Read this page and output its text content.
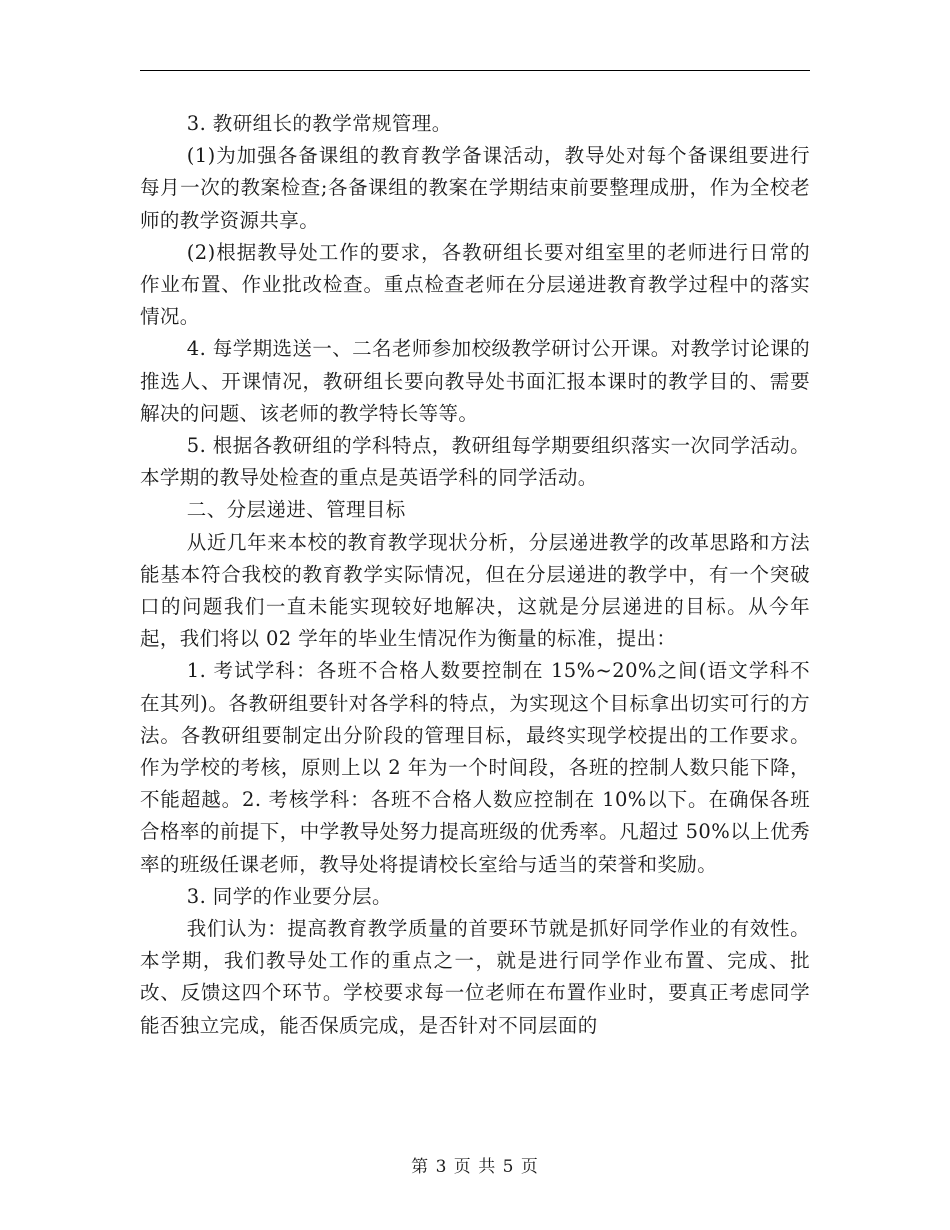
3. 教研组长的教学常规管理。

(1)为加强各备课组的教育教学备课活动，教导处对每个备课组要进行每月一次的教案检查;各备课组的教案在学期结束前要整理成册，作为全校老师的教学资源共享。

(2)根据教导处工作的要求，各教研组长要对组室里的老师进行日常的作业布置、作业批改检查。重点检查老师在分层递进教育教学过程中的落实情况。

4. 每学期选送一、二名老师参加校级教学研讨公开课。对教学讨论课的推选人、开课情况，教研组长要向教导处书面汇报本课时的教学目的、需要解决的问题、该老师的教学特长等等。

5. 根据各教研组的学科特点，教研组每学期要组织落实一次同学活动。本学期的教导处检查的重点是英语学科的同学活动。

二、分层递进、管理目标

从近几年来本校的教育教学现状分析，分层递进教学的改革思路和方法能基本符合我校的教育教学实际情况，但在分层递进的教学中，有一个突破口的问题我们一直未能实现较好地解决，这就是分层递进的目标。从今年起，我们将以 02 学年的毕业生情况作为衡量的标准，提出：

1. 考试学科：各班不合格人数要控制在 15%~20%之间(语文学科不在其列)。各教研组要针对各学科的特点，为实现这个目标拿出切实可行的方法。各教研组要制定出分阶段的管理目标，最终实现学校提出的工作要求。作为学校的考核，原则上以 2 年为一个时间段，各班的控制人数只能下降，不能超越。2. 考核学科：各班不合格人数应控制在 10%以下。在确保各班合格率的前提下，中学教导处努力提高班级的优秀率。凡超过 50%以上优秀率的班级任课老师，教导处将提请校长室给与适当的荣誉和奖励。

3. 同学的作业要分层。

我们认为：提高教育教学质量的首要环节就是抓好同学作业的有效性。本学期，我们教导处工作的重点之一，就是进行同学作业布置、完成、批改、反馈这四个环节。学校要求每一位老师在布置作业时，要真正考虑同学能否独立完成，能否保质完成，是否针对不同层面的

第 3 页 共 5 页
